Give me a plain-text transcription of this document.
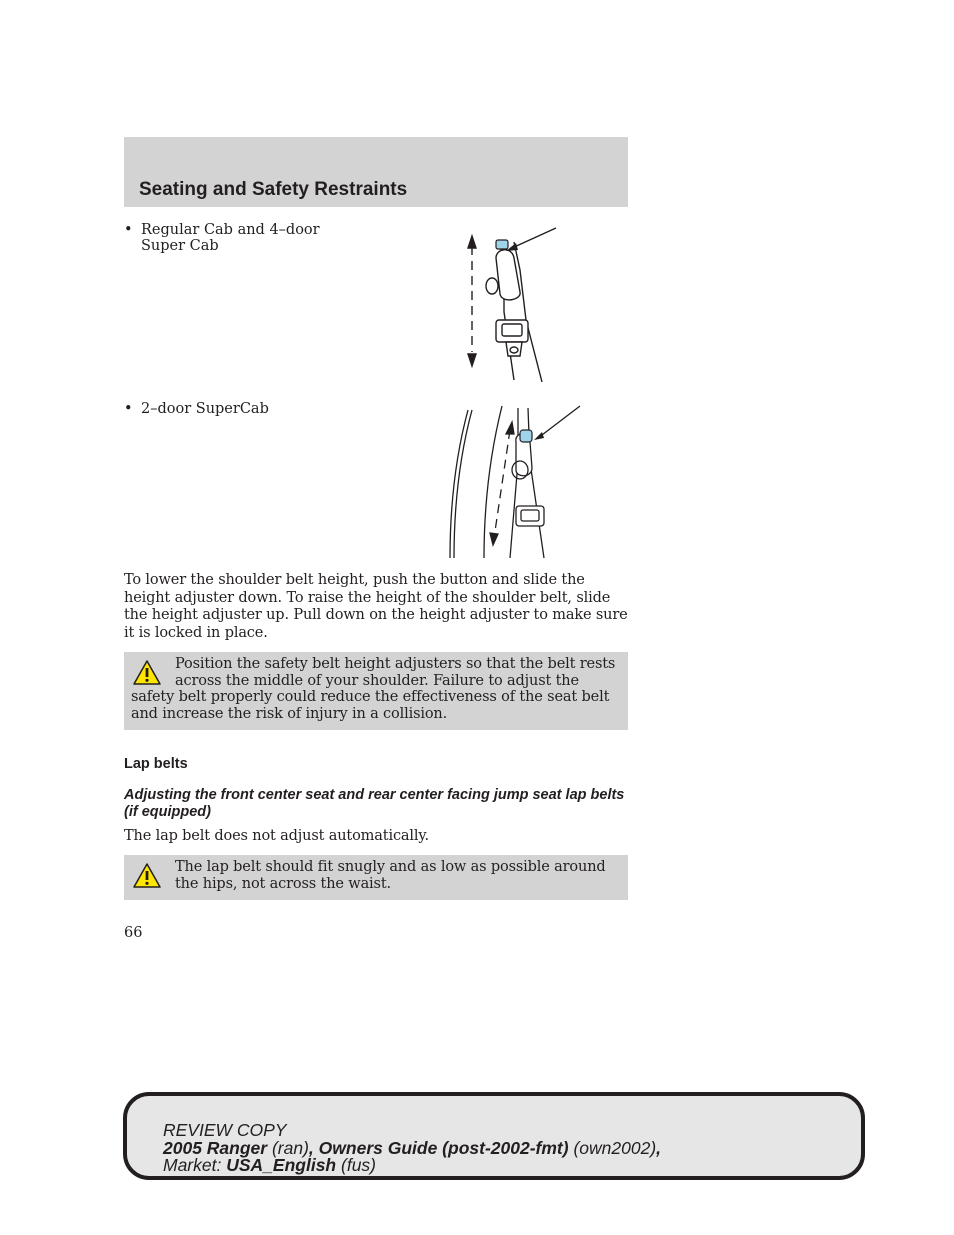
Seating and Safety Restraints
• Regular Cab and 4–door Super Cab
• 2–door SuperCab

To lower the shoulder belt height, push the button and slide the height adjuster down. To raise the height of the shoulder belt, slide the height adjuster up. Pull down on the height adjuster to make sure it is locked in place.

Position the safety belt height adjusters so that the belt rests across the middle of your shoulder. Failure to adjust the safety belt properly could reduce the effectiveness of the seat belt and increase the risk of injury in a collision.
Lap belts
Adjusting the front center seat and rear center facing jump seat lap belts (if equipped)

The lap belt does not adjust automatically.

The lap belt should fit snugly and as low as possible around the hips, not across the waist.
66
REVIEW COPY
2005 Ranger (ran), Owners Guide (post-2002-fmt) (own2002),
Market: USA_English (fus)
